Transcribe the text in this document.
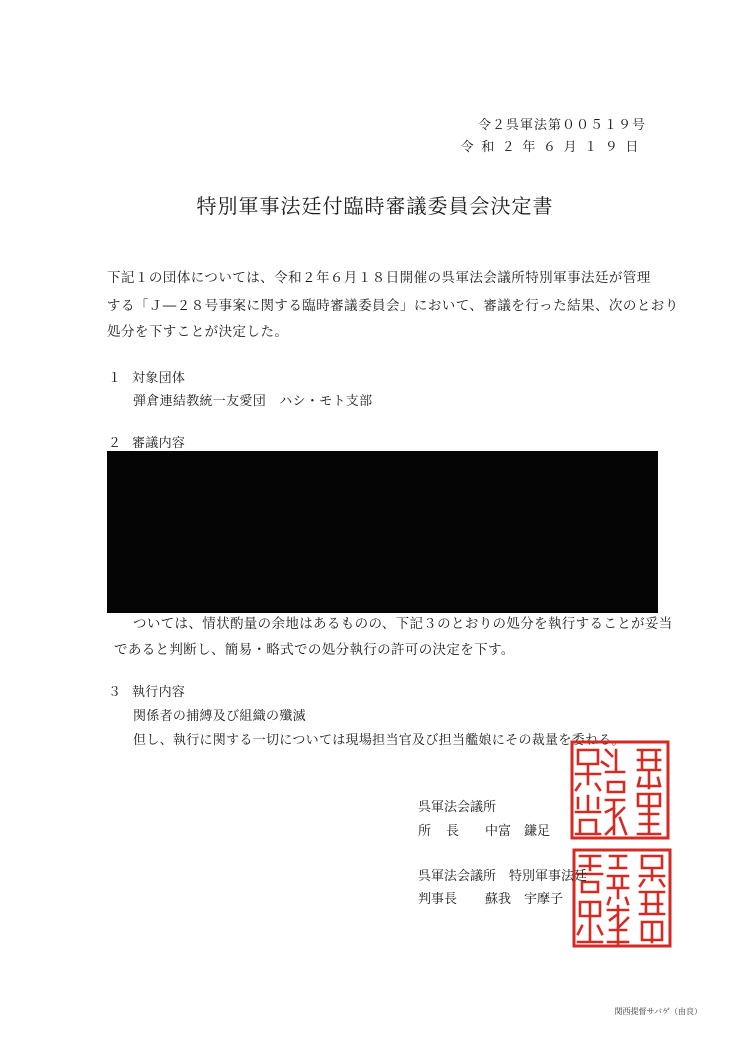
令２呉軍法第００５１９号
令和２年６月１９日
特別軍事法廷付臨時審議委員会決定書
下記１の団体については、令和２年６月１８日開催の呉軍法会議所特別軍事法廷が管理
する「Ｊ―２８号事案に関する臨時審議委員会」において、審議を行った結果、次のとおり
処分を下すことが決定した。
１ 対象団体
弾倉連結教統一友愛団　ハシ・モト支部
２ 審議内容
ついては、情状酌量の余地はあるものの、下記３のとおりの処分を執行することが妥当
であると判断し、簡易・略式での処分執行の許可の決定を下す。
３ 執行内容
関係者の捕縛及び組織の殲滅
但し、執行に関する一切については現場担当官及び担当艦娘にその裁量を委ねる。
呉軍法会議所
所　長 中富　鎌足
呉軍法会議所　特別軍事法廷
判事長 蘇我　宇摩子
関西提督サバゲ（由良）
